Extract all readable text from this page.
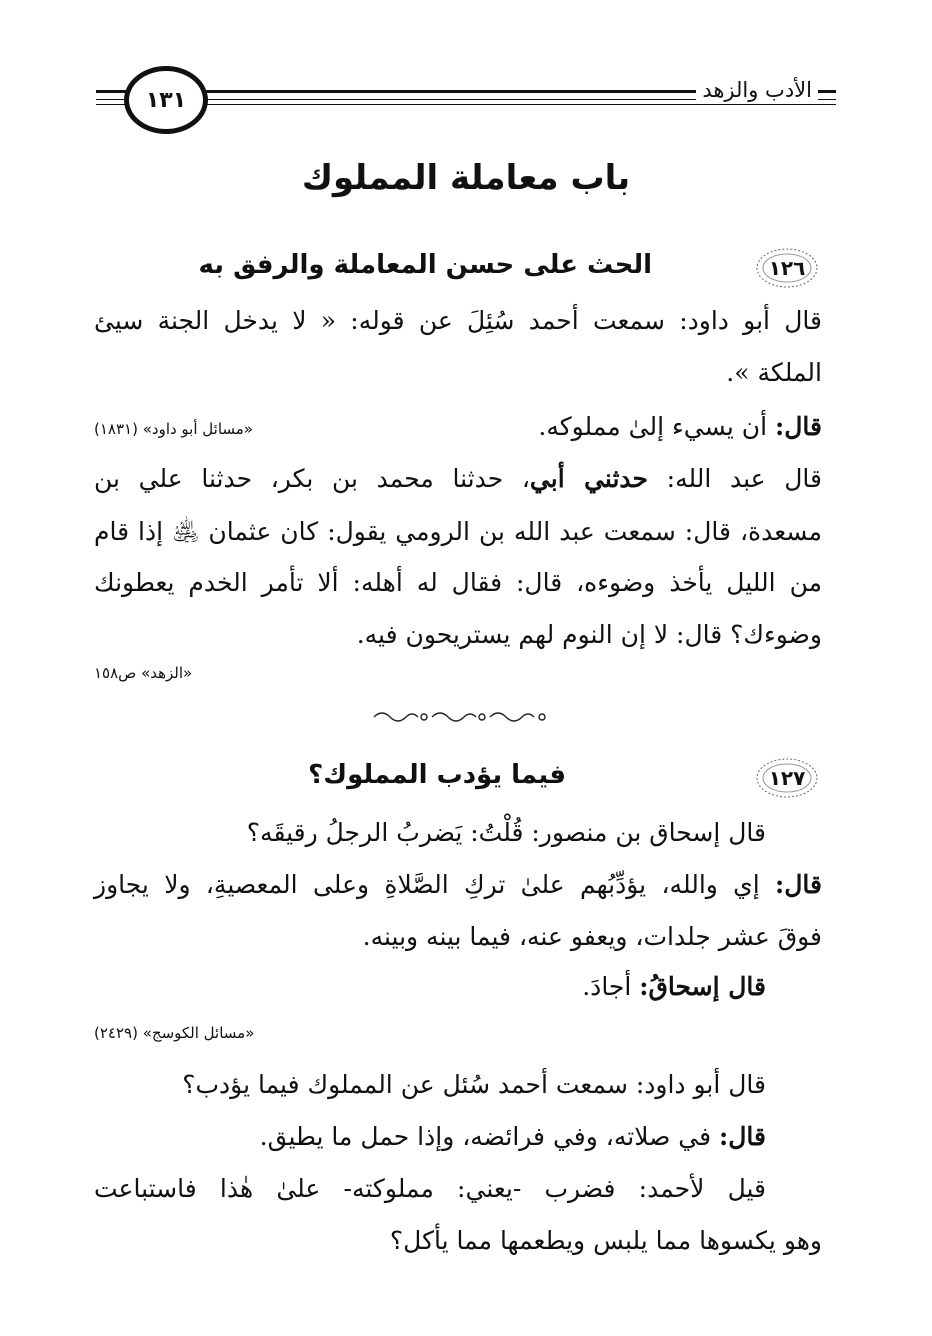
الأدب والزهد
١٣١
باب معاملة المملوك
١٢٦
الحث على حسن المعاملة والرفق به
قال أبو داود: سمعت أحمد سُئِلَ عن قوله: « لا يدخل الجنة سيئ
الملكة ».
قال: أن يسيء إلىٰ مملوكه.
«مسائل أبو داود» (١٨٣١)
قال عبد الله: حدثني أبي، حدثنا محمد بن بكر، حدثنا علي بن
مسعدة، قال: سمعت عبد الله بن الرومي يقول: كان عثمان ﵁ إذا قام
من الليل يأخذ وضوءه، قال: فقال له أهله: ألا تأمر الخدم يعطونك
وضوءك؟ قال: لا إن النوم لهم يستريحون فيه.
«الزهد» ص١٥٨
١٢٧
فيما يؤدب المملوك؟
قال إسحاق بن منصور: قُلْتُ: يَضربُ الرجلُ رقيقَه؟
قال: إي والله، يؤدِّبُهم علىٰ تركِ الصَّلاةِ وعلى المعصيةِ، ولا يجاوز
فوقَ عشر جلدات، ويعفو عنه، فيما بينه وبينه.
قال إسحاقُ: أجادَ.
«مسائل الكوسج» (٢٤٢٩)
قال أبو داود: سمعت أحمد سُئل عن المملوك فيما يؤدب؟
قال: في صلاته، وفي فرائضه، وإذا حمل ما يطيق.
قيل لأحمد: فضرب -يعني: مملوكته- علىٰ هٰذا فاستباعت
وهو يكسوها مما يلبس ويطعمها مما يأكل؟
